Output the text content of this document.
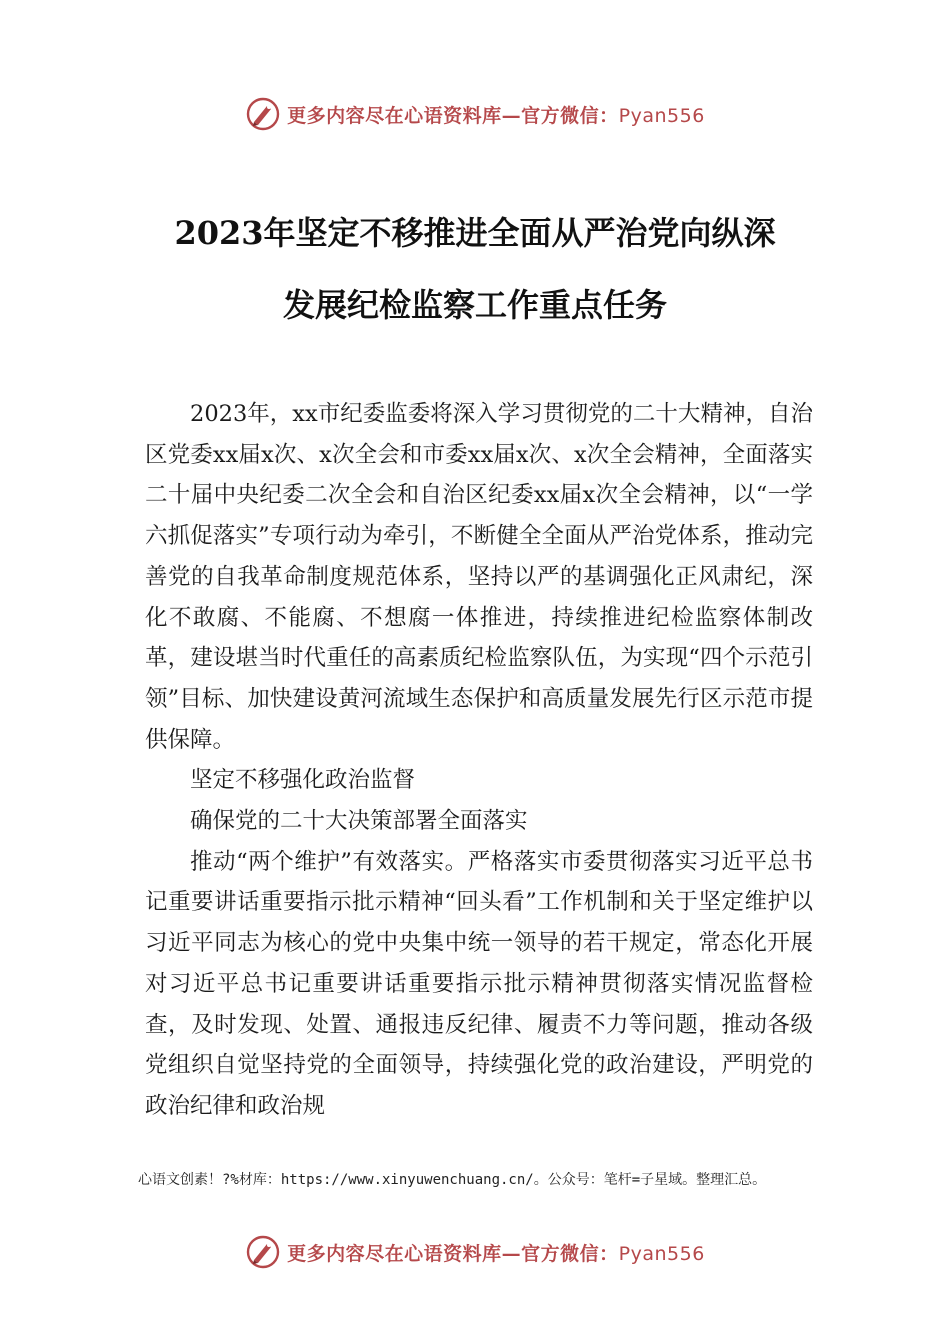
更多内容尽在心语资料库—官方微信：Pyan556
2023年坚定不移推进全面从严治党向纵深
发展纪检监察工作重点任务

2023年，xx市纪委监委将深入学习贯彻党的二十大精神，自治区党委xx届x次、x次全会和市委xx届x次、x次全会精神，全面落实二十届中央纪委二次全会和自治区纪委xx届x次全会精神，以“一学六抓促落实”专项行动为牵引，不断健全全面从严治党体系，推动完善党的自我革命制度规范体系，坚持以严的基调强化正风肃纪，深化不敢腐、不能腐、不想腐一体推进，持续推进纪检监察体制改革，建设堪当时代重任的高素质纪检监察队伍，为实现“四个示范引领”目标、加快建设黄河流域生态保护和高质量发展先行区示范市提供保障。

坚定不移强化政治监督

确保党的二十大决策部署全面落实

推动“两个维护”有效落实。严格落实市委贯彻落实习近平总书记重要讲话重要指示批示精神“回头看”工作机制和关于坚定维护以习近平同志为核心的党中央集中统一领导的若干规定，常态化开展对习近平总书记重要讲话重要指示批示精神贯彻落实情况监督检查，及时发现、处置、通报违反纪律、履责不力等问题，推动各级党组织自觉坚持党的全面领导，持续强化党的政治建设，严明党的政治纪律和政治规

心语文创素！?%材库：https://www.xinyuwenchuang.cn/。公众号：笔杆=子星域。整理汇总。
更多内容尽在心语资料库—官方微信：Pyan556
